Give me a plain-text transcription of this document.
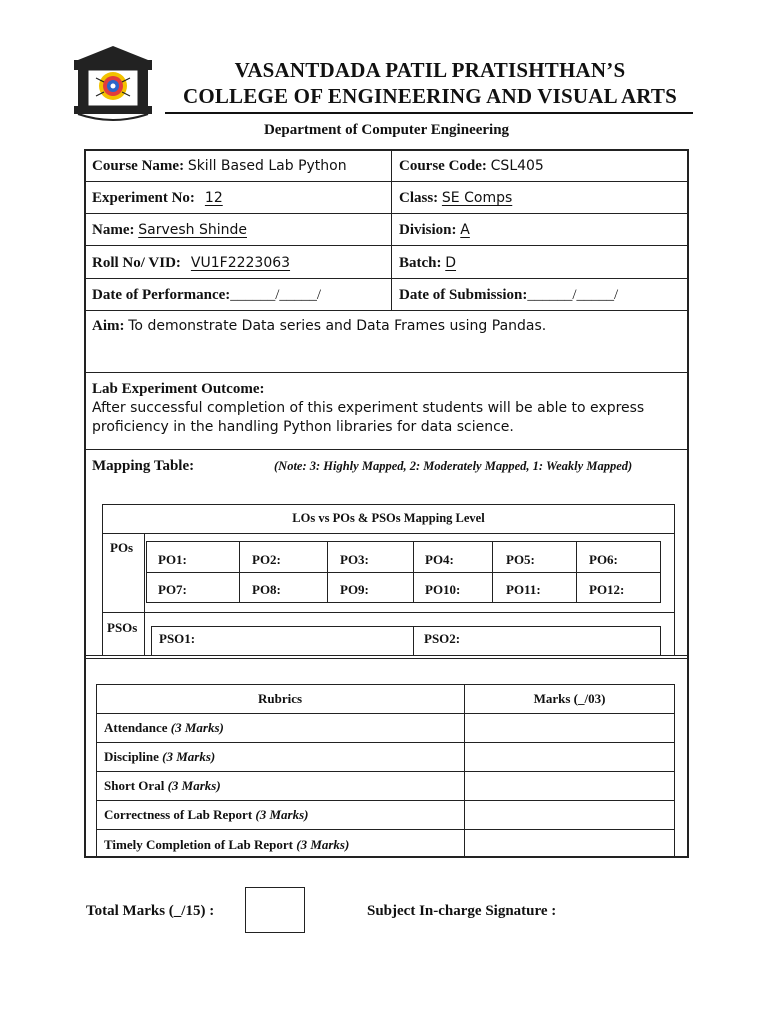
VASANTDADA PATIL PRATISHTHAN’S
COLLEGE OF ENGINEERING AND VISUAL ARTS
Department of Computer Engineering
Course Name: Skill Based Lab Python	Course Code: CSL405
Experiment No: 12	Class: SE Comps
Name: Sarvesh Shinde	Division: A
Roll No/ VID: VU1F2223063	Batch: D
Date of Performance:______/_____/	Date of Submission:______/_____/
Aim: To demonstrate Data series and Data Frames using Pandas.
Lab Experiment Outcome:
After successful completion of this experiment students will be able to express
proficiency in the handling Python libraries for data science.
Mapping Table:	(Note: 3: Highly Mapped, 2: Moderately Mapped, 1: Weakly Mapped)
LOs vs POs & PSOs Mapping Level
POs
PSOs
PO1:	PO2:	PO3:	PO4:	PO5:	PO6:
PO7:	PO8:	PO9:	PO10:	PO11:	PO12:
PSO1:	PSO2:
Rubrics	Marks (_/03)
Attendance (3 Marks)
Discipline (3 Marks)
Short Oral (3 Marks)
Correctness of Lab Report (3 Marks)
Timely Completion of Lab Report (3 Marks)
Total Marks (_/15) :	Subject In-charge Signature :
